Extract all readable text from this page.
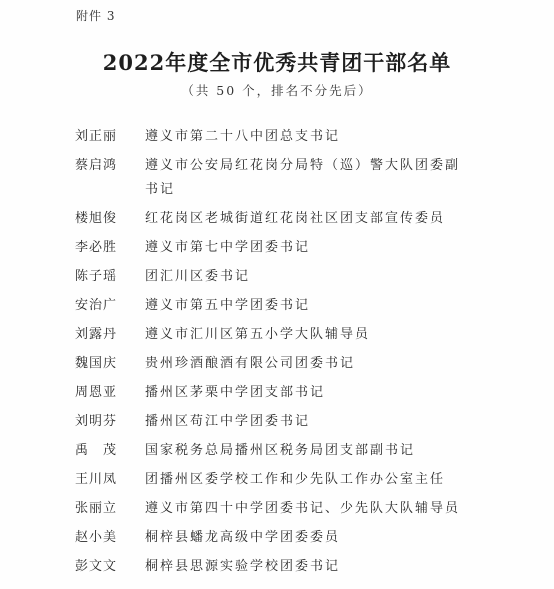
附件 3
2022年度全市优秀共青团干部名单
（共 50 个，排名不分先后）
刘正丽	遵义市第二十八中团总支书记
蔡启鸿	遵义市公安局红花岗分局特（巡）警大队团委副书记
楼旭俊	红花岗区老城街道红花岗社区团支部宣传委员
李必胜	遵义市第七中学团委书记
陈子瑶	团汇川区委书记
安治广	遵义市第五中学团委书记
刘露丹	遵义市汇川区第五小学大队辅导员
魏国庆	贵州珍酒酿酒有限公司团委书记
周恩亚	播州区茅栗中学团支部书记
刘明芬	播州区苟江中学团委书记
禹　茂	国家税务总局播州区税务局团支部副书记
王川凤	团播州区委学校工作和少先队工作办公室主任
张丽立	遵义市第四十中学团委书记、少先队大队辅导员
赵小美	桐梓县蟠龙高级中学团委委员
彭文文	桐梓县思源实验学校团委书记
